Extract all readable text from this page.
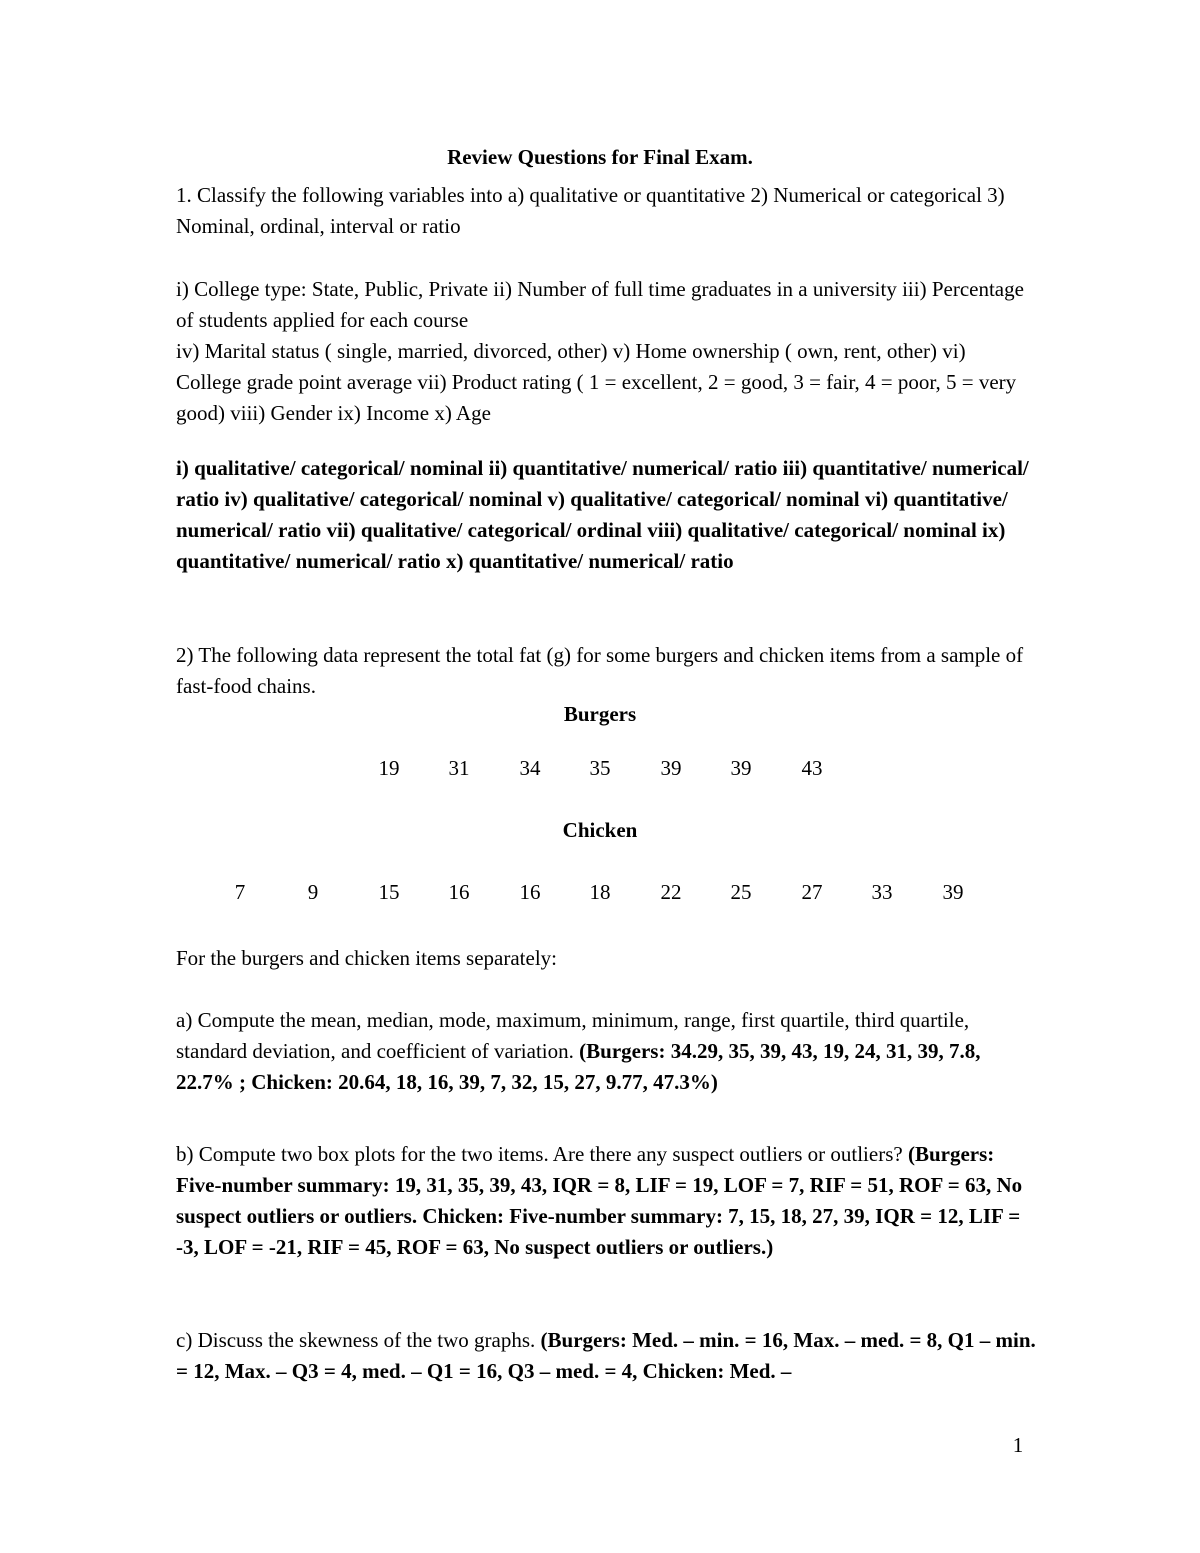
Review Questions for Final Exam.
1. Classify the following variables into a) qualitative or quantitative 2) Numerical or categorical 3) Nominal, ordinal, interval or ratio
i) College type: State, Public, Private ii) Number of full time graduates in a university iii) Percentage of students applied for each course
iv) Marital status ( single, married, divorced, other) v) Home ownership ( own, rent, other) vi) College grade point average vii) Product rating ( 1 = excellent, 2 = good, 3 = fair, 4 = poor, 5 = very good) viii) Gender ix) Income x) Age
i) qualitative/ categorical/ nominal ii) quantitative/ numerical/ ratio iii) quantitative/ numerical/ ratio iv) qualitative/ categorical/ nominal v) qualitative/ categorical/ nominal vi) quantitative/ numerical/ ratio vii) qualitative/ categorical/ ordinal viii) qualitative/ categorical/ nominal ix) quantitative/ numerical/ ratio x) quantitative/ numerical/ ratio
2) The following data represent the total fat (g) for some burgers and chicken items from a sample of fast-food chains.
Burgers
19	31	34	35	39	39	43
Chicken
7	9	15	16	16	18	22	25	27	33	39
For the burgers and chicken items separately:
a) Compute the mean, median, mode, maximum, minimum, range, first quartile, third quartile, standard deviation, and coefficient of variation. (Burgers: 34.29, 35, 39, 43, 19, 24, 31, 39, 7.8, 22.7% ; Chicken: 20.64, 18, 16, 39, 7, 32, 15, 27, 9.77, 47.3%)
b) Compute two box plots for the two items. Are there any suspect outliers or outliers? (Burgers: Five-number summary: 19, 31, 35, 39, 43, IQR = 8, LIF = 19, LOF = 7, RIF = 51, ROF = 63, No suspect outliers or outliers. Chicken: Five-number summary: 7, 15, 18, 27, 39, IQR = 12, LIF = -3, LOF = -21, RIF = 45, ROF = 63, No suspect outliers or outliers.)
c) Discuss the skewness of the two graphs. (Burgers: Med. – min. = 16, Max. – med. = 8, Q1 – min. = 12, Max. – Q3 = 4, med. – Q1 = 16, Q3 – med. = 4, Chicken: Med. –
1
